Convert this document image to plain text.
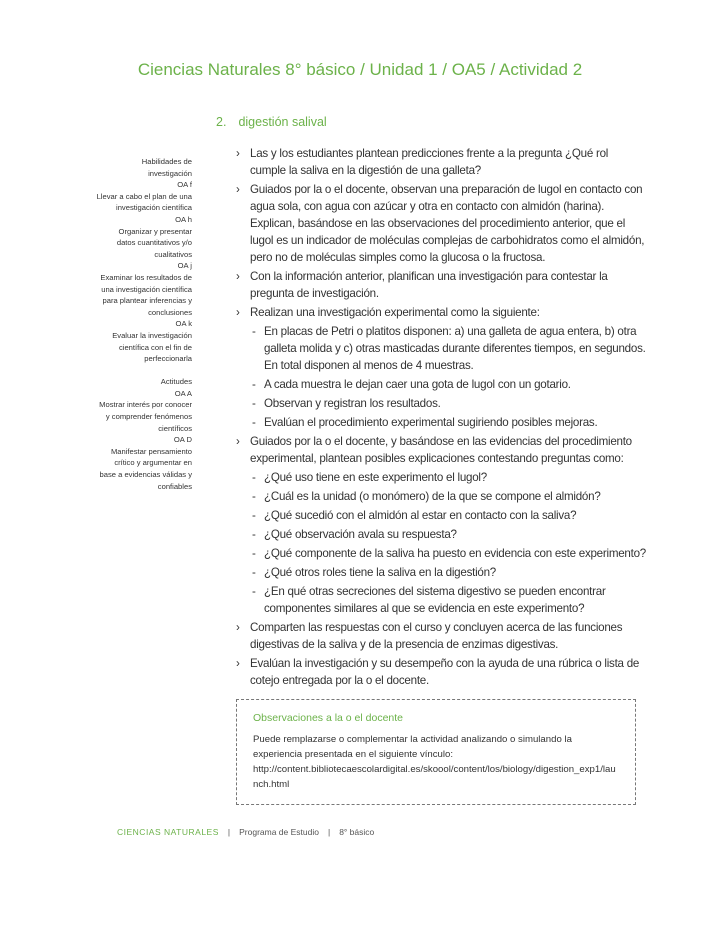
Ciencias Naturales 8° básico / Unidad 1 / OA5 / Actividad 2
2. digestión salival
Habilidades de
investigación
OA f
Llevar a cabo el plan de una
investigación científica
OA h
Organizar y presentar
datos cuantitativos y/o
cualitativos
OA j
Examinar los resultados de
una investigación científica
para plantear inferencias y
conclusiones
OA k
Evaluar la investigación
científica con el fin de
perfeccionarla
Actitudes
OA A
Mostrar interés por conocer
y comprender fenómenos
científicos
OA D
Manifestar pensamiento
crítico y argumentar en
base a evidencias válidas y
confiables
› Las y los estudiantes plantean predicciones frente a la pregunta ¿Qué rol cumple la saliva en la digestión de una galleta?
› Guiados por la o el docente, observan una preparación de lugol en contacto con agua sola, con agua con azúcar y otra en contacto con almidón (harina). Explican, basándose en las observaciones del procedimiento anterior, que el lugol es un indicador de moléculas complejas de carbohidratos como el almidón, pero no de moléculas simples como la glucosa o la fructosa.
› Con la información anterior, planifican una investigación para contestar la pregunta de investigación.
› Realizan una investigación experimental como la siguiente:
- En placas de Petri o platitos disponen: a) una galleta de agua entera, b) otra galleta molida y c) otras masticadas durante diferentes tiempos, en segundos. En total disponen al menos de 4 muestras.
- A cada muestra le dejan caer una gota de lugol con un gotario.
- Observan y registran los resultados.
- Evalúan el procedimiento experimental sugiriendo posibles mejoras.
› Guiados por la o el docente, y basándose en las evidencias del procedimiento experimental, plantean posibles explicaciones contestando preguntas como:
- ¿Qué uso tiene en este experimento el lugol?
- ¿Cuál es la unidad (o monómero) de la que se compone el almidón?
- ¿Qué sucedió con el almidón al estar en contacto con la saliva?
- ¿Qué observación avala su respuesta?
- ¿Qué componente de la saliva ha puesto en evidencia con este experimento?
- ¿Qué otros roles tiene la saliva en la digestión?
- ¿En qué otras secreciones del sistema digestivo se pueden encontrar componentes similares al que se evidencia en este experimento?
› Comparten las respuestas con el curso y concluyen acerca de las funciones digestivas de la saliva y de la presencia de enzimas digestivas.
› Evalúan la investigación y su desempeño con la ayuda de una rúbrica o lista de cotejo entregada por la o el docente.
Observaciones a la o el docente
Puede remplazarse o complementar la actividad analizando o simulando la experiencia presentada en el siguiente vínculo: http://content.bibliotecaescolardigital.es/skoool/content/los/biology/digestion_exp1/launch.html
CIENCIAS NATURALES | Programa de Estudio | 8° básico
